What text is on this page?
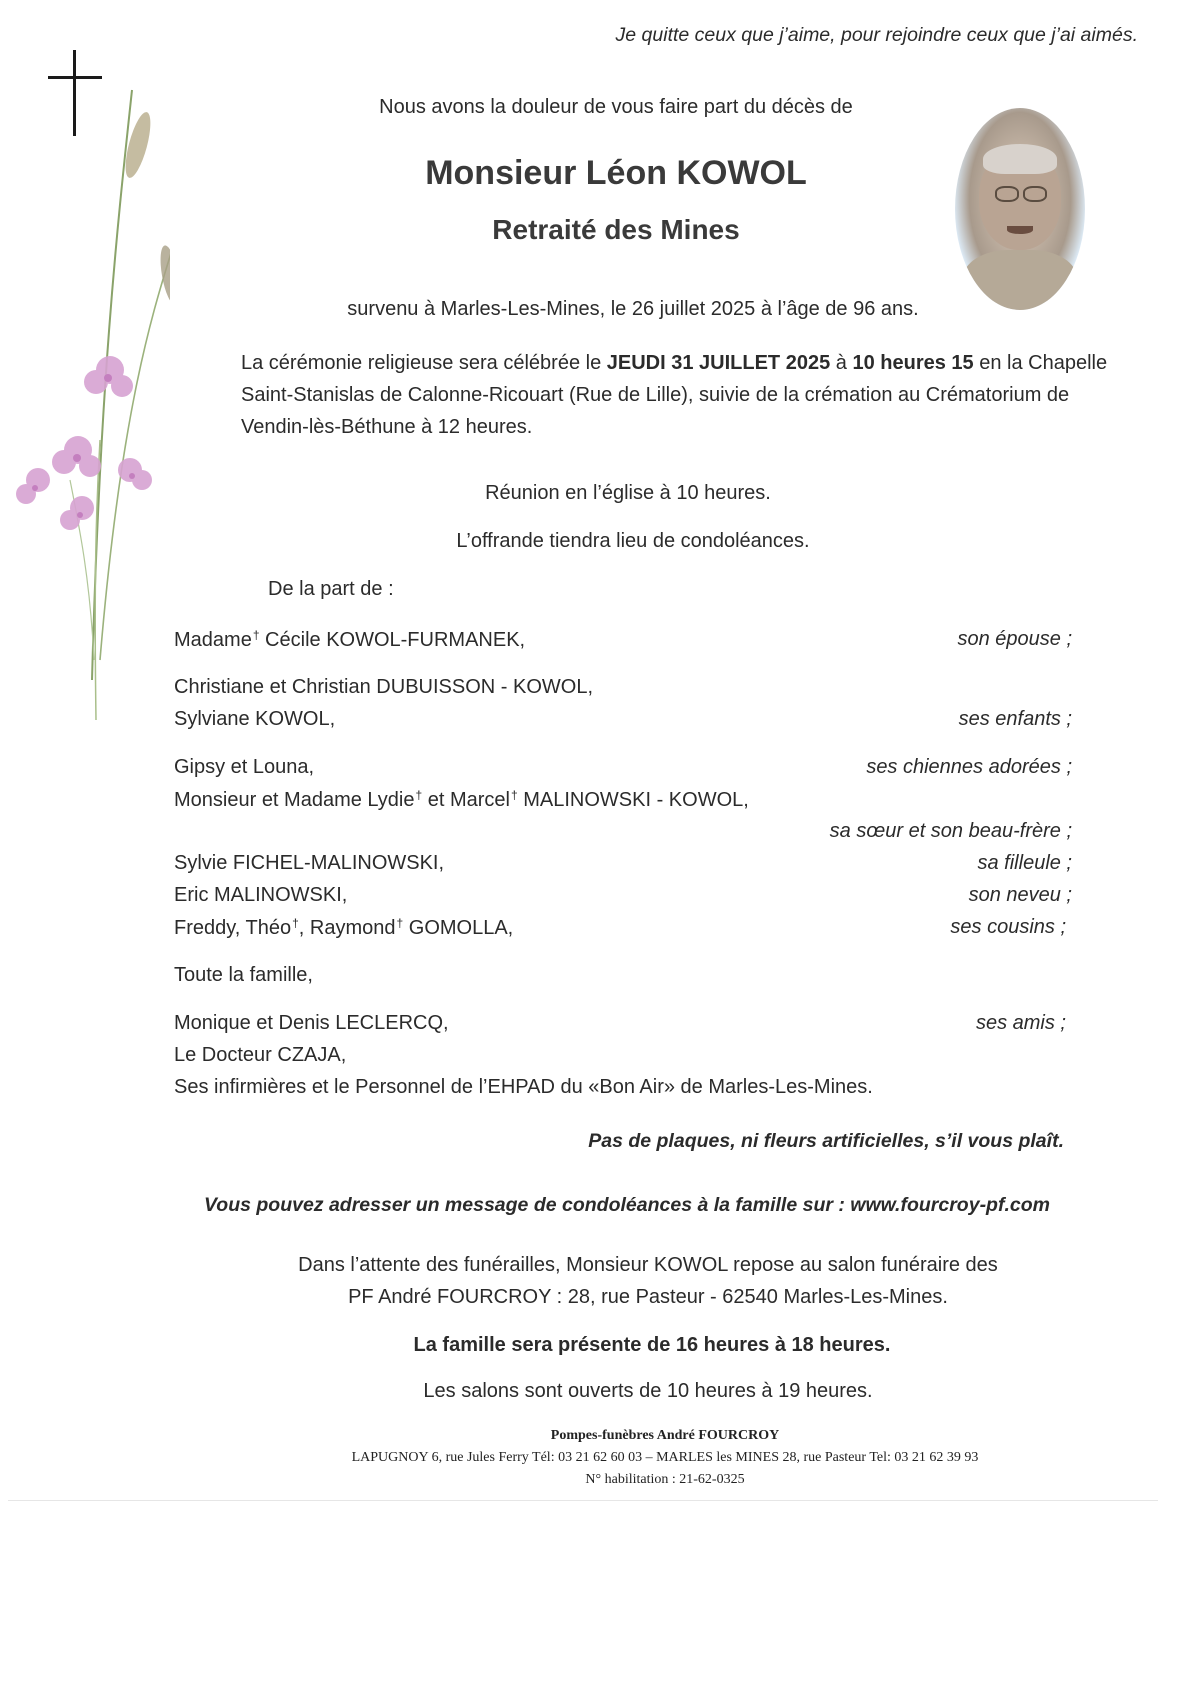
Je quitte ceux que j’aime, pour rejoindre ceux que j’ai aimés.
Nous avons la douleur de vous faire part du décès de
Monsieur Léon KOWOL
Retraité des Mines
survenu à Marles-Les-Mines, le 26 juillet 2025 à l’âge de 96 ans.
La cérémonie religieuse sera célébrée le JEUDI 31 JUILLET 2025 à 10 heures 15 en la Chapelle
Saint-Stanislas de Calonne-Ricouart (Rue de Lille), suivie de la crémation au Crématorium de
Vendin-lès-Béthune à 12 heures.
Réunion en l’église à 10 heures.
L’offrande tiendra lieu de condoléances.
De la part de :
Madame† Cécile KOWOL-FURMANEK,	son épouse ;
Christiane et Christian DUBUISSON - KOWOL,
Sylviane KOWOL,	ses enfants ;
Gipsy et Louna,	ses chiennes adorées ;
Monsieur et Madame Lydie† et Marcel† MALINOWSKI - KOWOL,
sa sœur et son beau-frère ;
Sylvie FICHEL-MALINOWSKI,	sa filleule ;
Eric MALINOWSKI,	son neveu ;
Freddy, Théo†, Raymond† GOMOLLA,	ses cousins ;
Toute la famille,
Monique et Denis LECLERCQ,	ses amis ;
Le Docteur CZAJA,
Ses infirmières et le Personnel de l’EHPAD du «Bon Air» de Marles-Les-Mines.
Pas de plaques, ni fleurs artificielles, s’il vous plaît.
Vous pouvez adresser un message de condoléances à la famille sur : www.fourcroy-pf.com
Dans l’attente des funérailles, Monsieur KOWOL repose au salon funéraire des
PF André FOURCROY : 28, rue Pasteur - 62540 Marles-Les-Mines.
La famille sera présente de 16 heures à 18 heures.
Les salons sont ouverts de 10 heures à 19 heures.
Pompes-funèbres André FOURCROY
LAPUGNOY 6, rue Jules Ferry Tél: 03 21 62 60 03 – MARLES les MINES 28, rue Pasteur Tel: 03 21 62 39 93
N° habilitation : 21-62-0325
